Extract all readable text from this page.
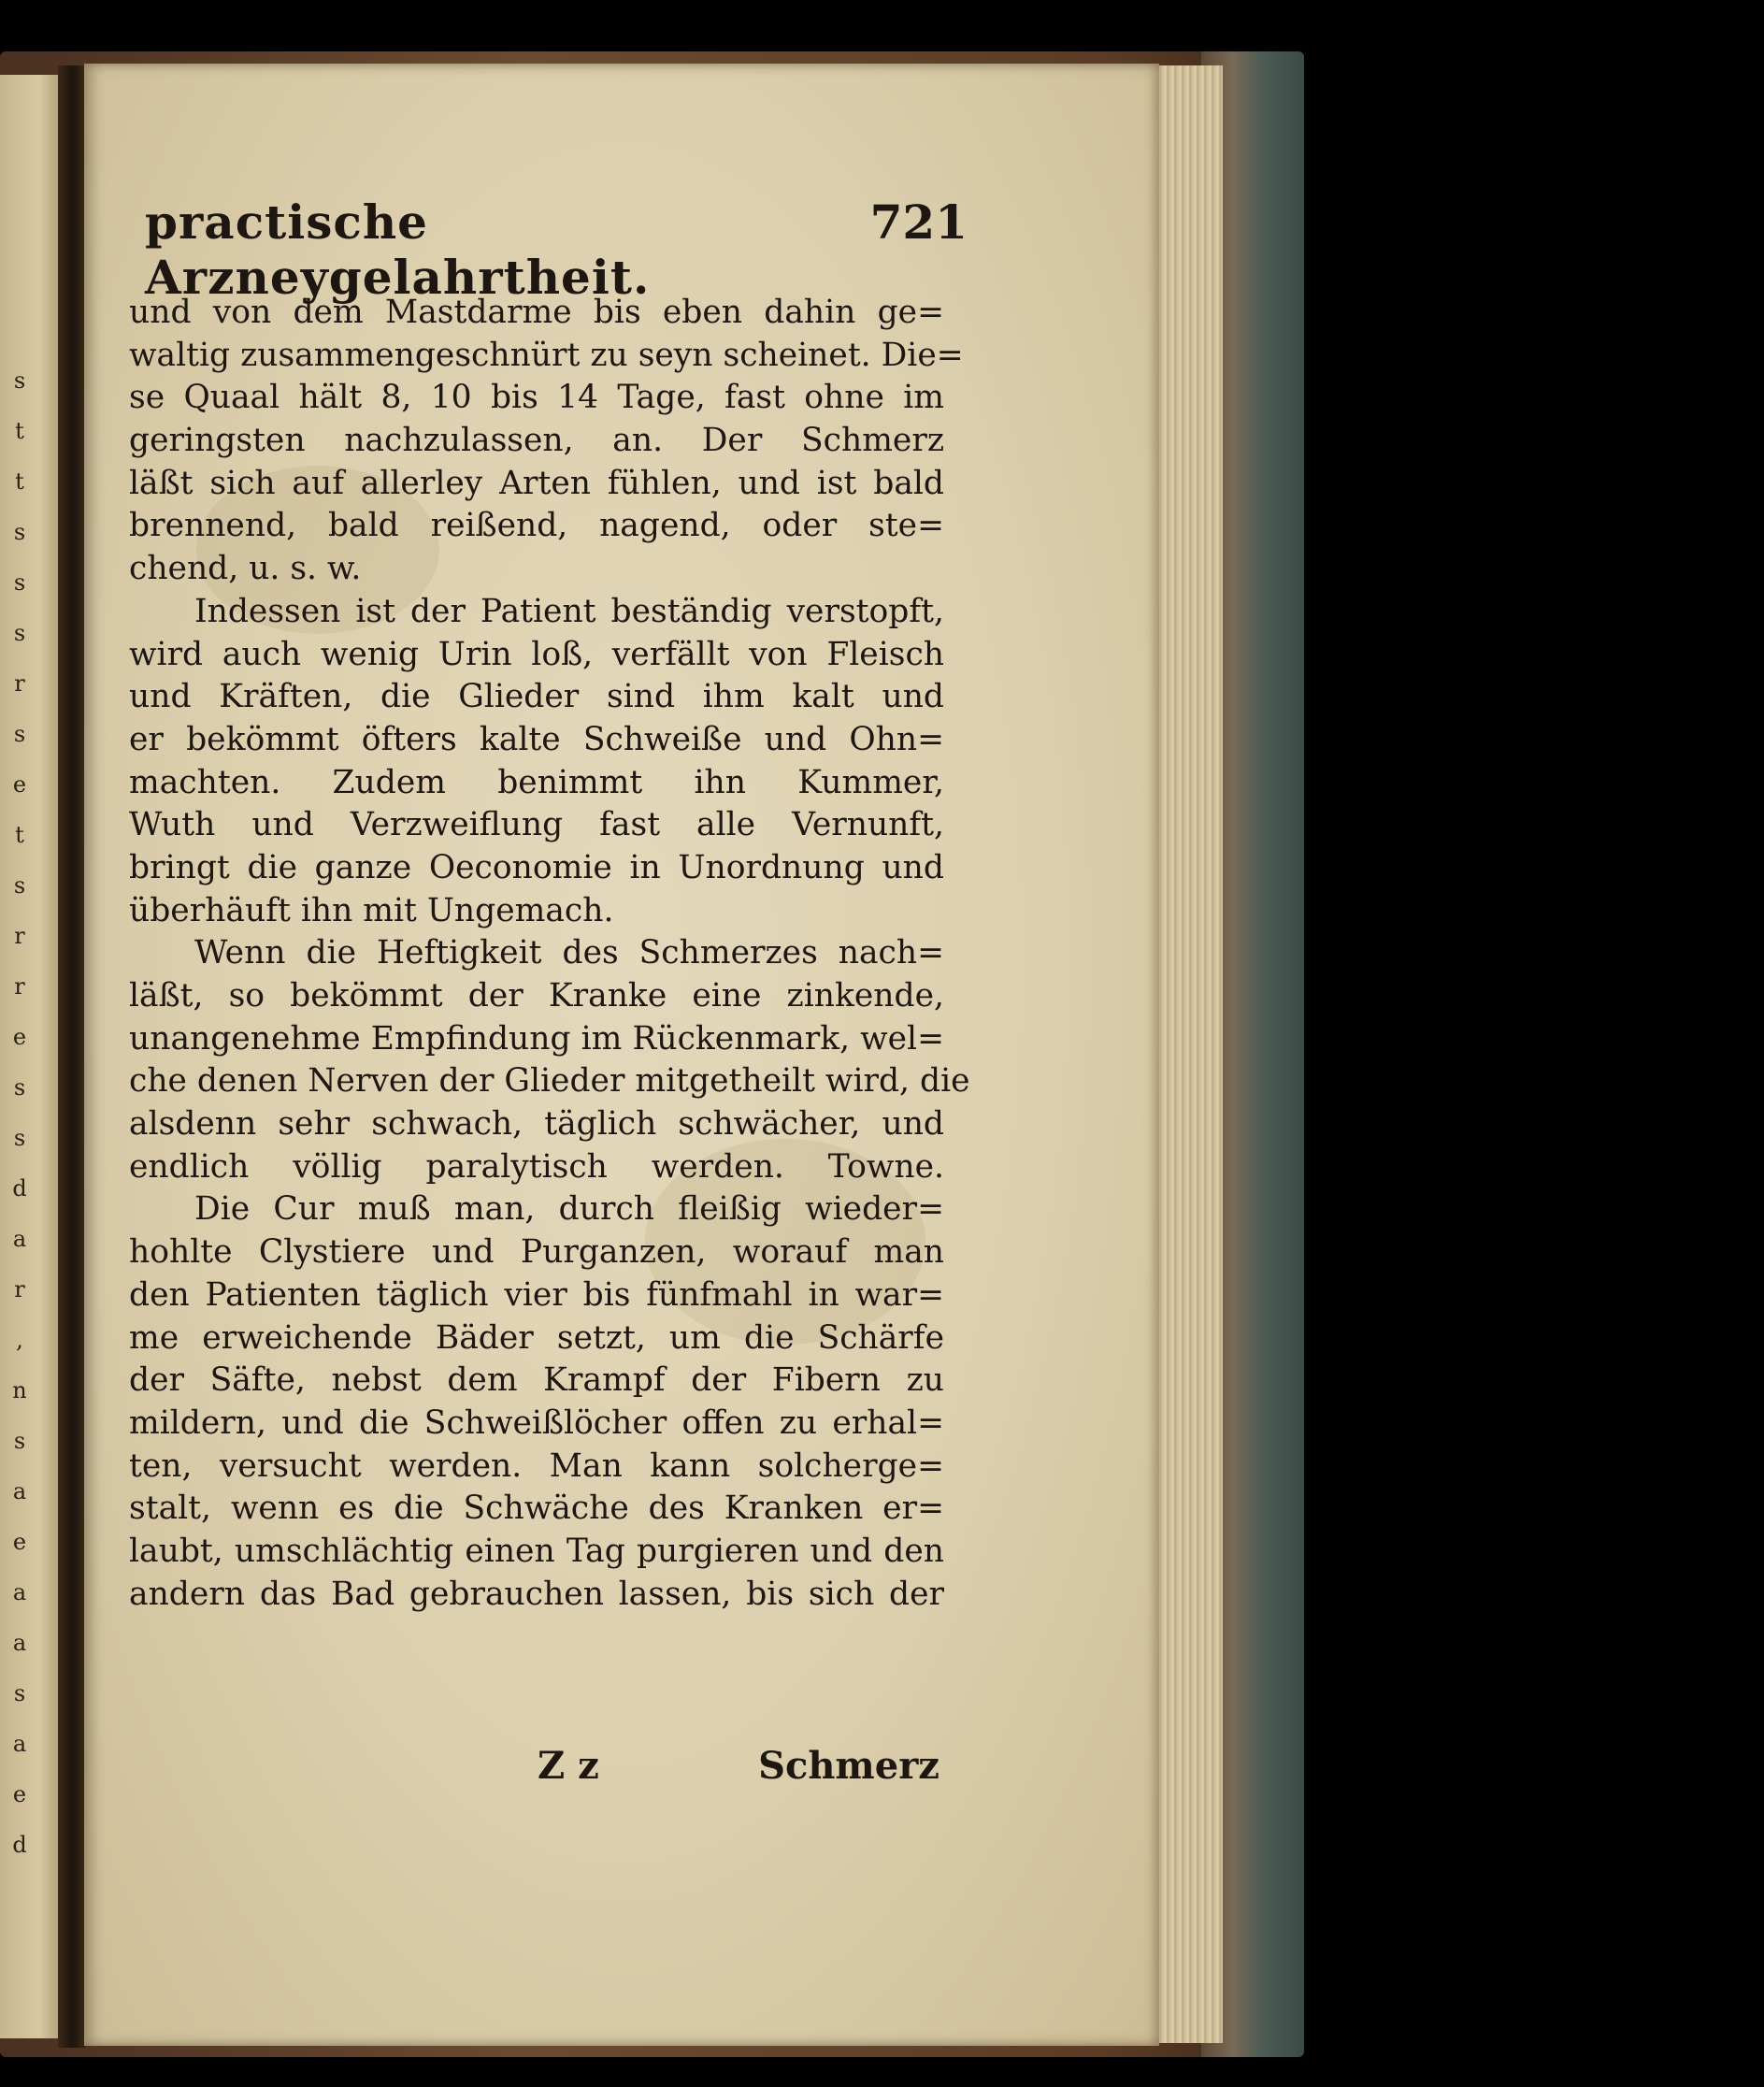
s
t
t
s
s
s
r
s
e
t
s
r
r
e
s
s
d
a
r
,
n
s
a
e
a
a
s
a
e
d
practische Arzneygelahrtheit.
721
und von dem Mastdarme bis eben dahin ge=
waltig zusammengeschnürt zu seyn scheinet. Die=
se Quaal hält 8, 10 bis 14 Tage, fast ohne im
geringsten nachzulassen, an. Der Schmerz
läßt sich auf allerley Arten fühlen, und ist bald
brennend, bald reißend, nagend, oder ste=
chend, u. s. w.
Indessen ist der Patient beständig verstopft,
wird auch wenig Urin loß, verfällt von Fleisch
und Kräften, die Glieder sind ihm kalt und
er bekömmt öfters kalte Schweiße und Ohn=
machten. Zudem benimmt ihn Kummer,
Wuth und Verzweiflung fast alle Vernunft,
bringt die ganze Oeconomie in Unordnung und
überhäuft ihn mit Ungemach.
Wenn die Heftigkeit des Schmerzes nach=
läßt, so bekömmt der Kranke eine zinkende,
unangenehme Empfindung im Rückenmark, wel=
che denen Nerven der Glieder mitgetheilt wird, die
alsdenn sehr schwach, täglich schwächer, und
endlich völlig paralytisch werden. Towne.
Die Cur muß man, durch fleißig wieder=
hohlte Clystiere und Purganzen, worauf man
den Patienten täglich vier bis fünfmahl in war=
me erweichende Bäder setzt, um die Schärfe
der Säfte, nebst dem Krampf der Fibern zu
mildern, und die Schweißlöcher offen zu erhal=
ten, versucht werden. Man kann solcherge=
stalt, wenn es die Schwäche des Kranken er=
laubt, umschlächtig einen Tag purgieren und den
andern das Bad gebrauchen lassen, bis sich der
Z z	Schmerz
